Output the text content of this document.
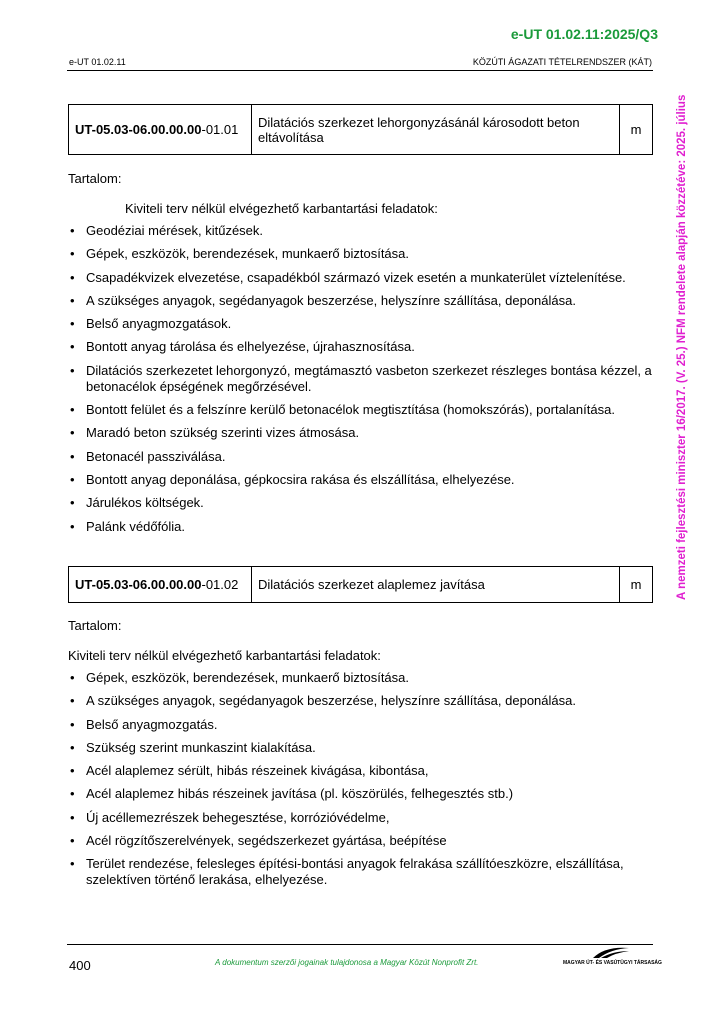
e-UT 01.02.11:2025/Q3
e-UT 01.02.11	KÖZÚTI ÁGAZATI TÉTELRENDSZER (KÁT)
A nemzeti fejlesztési miniszter 16/2017. (V. 25.) NFM rendelete alapján közzétéve: 2025. július
UT-05.03-06.00.00.00-01.01	Dilatációs szerkezet lehorgonyzásánál károsodott beton eltávolítása	m
Tartalom:
Kiviteli terv nélkül elvégezhető karbantartási feladatok:
• Geodéziai mérések, kitűzések.
• Gépek, eszközök, berendezések, munkaerő biztosítása.
• Csapadékvizek elvezetése, csapadékból származó vizek esetén a munkaterület víztelenítése.
• A szükséges anyagok, segédanyagok beszerzése, helyszínre szállítása, deponálása.
• Belső anyagmozgatások.
• Bontott anyag tárolása és elhelyezése, újrahasznosítása.
• Dilatációs szerkezetet lehorgonyzó, megtámasztó vasbeton szerkezet részleges bontása kézzel, a betonacélok épségének megőrzésével.
• Bontott felület és a felszínre kerülő betonacélok megtisztítása (homokszórás), portalanítása.
• Maradó beton szükség szerinti vizes átmosása.
• Betonacél passziválása.
• Bontott anyag deponálása, gépkocsira rakása és elszállítása, elhelyezése.
• Járulékos költségek.
• Palánk védőfólia.
UT-05.03-06.00.00.00-01.02	Dilatációs szerkezet alaplemez javítása	m
Tartalom:
Kiviteli terv nélkül elvégezhető karbantartási feladatok:
• Gépek, eszközök, berendezések, munkaerő biztosítása.
• A szükséges anyagok, segédanyagok beszerzése, helyszínre szállítása, deponálása.
• Belső anyagmozgatás.
• Szükség szerint munkaszint kialakítása.
• Acél alaplemez sérült, hibás részeinek kivágása, kibontása,
• Acél alaplemez hibás részeinek javítása (pl. köszörülés, felhegesztés stb.)
• Új acéllemezrészek behegesztése, korrózióvédelme,
• Acél rögzítőszerelvények, segédszerkezet gyártása, beépítése
• Terület rendezése, felesleges építési-bontási anyagok felrakása szállítóeszközre, elszállítása, szelektíven történő lerakása, elhelyezése.
400	A dokumentum szerzői jogainak tulajdonosa a Magyar Közút Nonprofit Zrt.	MAGYAR ÚT- ÉS VASÚTÜGYI TÁRSASÁG
